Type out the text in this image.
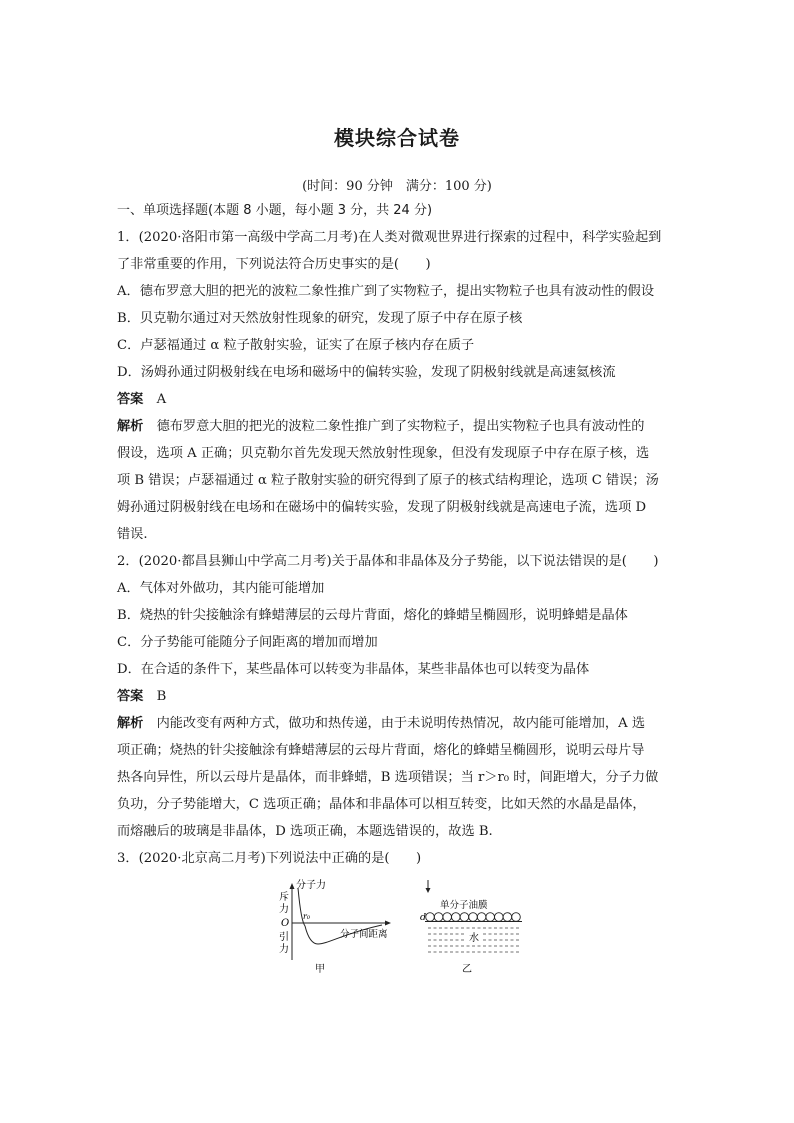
模块综合试卷
(时间：90 分钟　满分：100 分)
一、单项选择题(本题 8 小题，每小题 3 分，共 24 分)
1．(2020·洛阳市第一高级中学高二月考)在人类对微观世界进行探索的过程中，科学实验起到
了非常重要的作用，下列说法符合历史事实的是(　　)
A．德布罗意大胆的把光的波粒二象性推广到了实物粒子，提出实物粒子也具有波动性的假设
B．贝克勒尔通过对天然放射性现象的研究，发现了原子中存在原子核
C．卢瑟福通过 α 粒子散射实验，证实了在原子核内存在质子
D．汤姆孙通过阴极射线在电场和磁场中的偏转实验，发现了阴极射线就是高速氦核流
答案　 A
解析　 德布罗意大胆的把光的波粒二象性推广到了实物粒子，提出实物粒子也具有波动性的
假设，选项 A 正确；贝克勒尔首先发现天然放射性现象，但没有发现原子中存在原子核，选
项 B 错误；卢瑟福通过 α 粒子散射实验的研究得到了原子的核式结构理论，选项 C 错误；汤
姆孙通过阴极射线在电场和在磁场中的偏转实验，发现了阴极射线就是高速电子流，选项 D
错误.
2．(2020·都昌县狮山中学高二月考)关于晶体和非晶体及分子势能，以下说法错误的是(　　)
A．气体对外做功，其内能可能增加
B．烧热的针尖接触涂有蜂蜡薄层的云母片背面，熔化的蜂蜡呈椭圆形，说明蜂蜡是晶体
C．分子势能可能随分子间距离的增加而增加
D．在合适的条件下，某些晶体可以转变为非晶体，某些非晶体也可以转变为晶体
答案　 B
解析　 内能改变有两种方式，做功和热传递，由于未说明传热情况，故内能可能增加，A 选
项正确；烧热的针尖接触涂有蜂蜡薄层的云母片背面，熔化的蜂蜡呈椭圆形，说明云母片导
热各向异性，所以云母片是晶体，而非蜂蜡，B 选项错误；当 r＞r₀ 时，间距增大，分子力做
负功，分子势能增大，C 选项正确；晶体和非晶体可以相互转变，比如天然的水晶是晶体，
而熔融后的玻璃是非晶体，D 选项正确，本题选错误的，故选 B.
3．(2020·北京高二月考)下列说法中正确的是(　　)
分子力
斥
力
O
引
力
r₀
分子间距离
甲
单分子油膜
d
水
乙
